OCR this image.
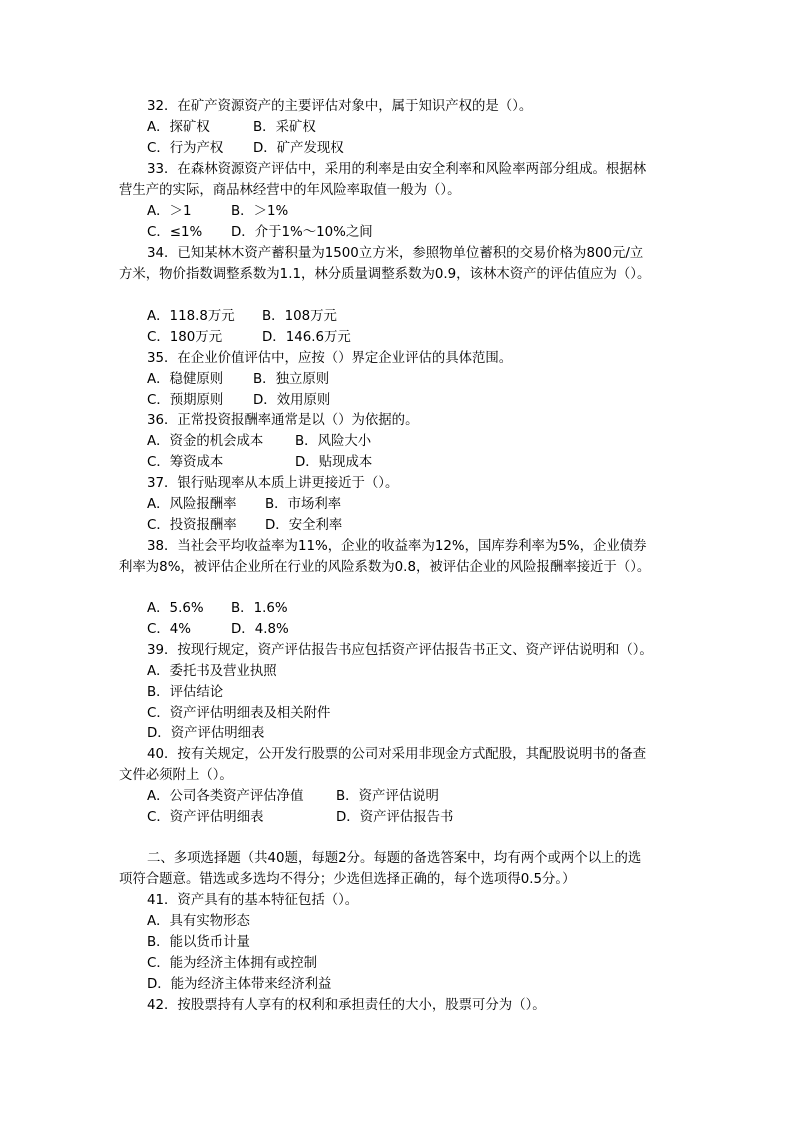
32．在矿产资源资产的主要评估对象中，属于知识产权的是（）。
A．探矿权	B．采矿权
C．行为产权 D．矿产发现权
33．在森林资源资产评估中，采用的利率是由安全利率和风险率两部分组成。根据林
营生产的实际，商品林经营中的年风险率取值一般为（）。
A．＞1	B．＞1%
C．≤1% D．介于1%～10%之间
34．已知某林木资产蓄积量为1500立方米，参照物单位蓄积的交易价格为800元/立
方米，物价指数调整系数为1.1，林分质量调整系数为0.9，该林木资产的评估值应为（）。
A．118.8万元 B．108万元
C．180万元	D．146.6万元
35．在企业价值评估中，应按（）界定企业评估的具体范围。
A．稳健原则 B．独立原则
C．预期原则 D．效用原则
36．正常投资报酬率通常是以（）为依据的。
A．资金的机会成本 B．风险大小
C．筹资成本	D．贴现成本
37．银行贴现率从本质上讲更接近于（）。
A．风险报酬率 B．市场利率
C．投资报酬率 D．安全利率
38．当社会平均收益率为11%，企业的收益率为12%，国库券利率为5%，企业债券
利率为8%，被评估企业所在行业的风险系数为0.8，被评估企业的风险报酬率接近于（）。
A．5.6% B．1.6%
C．4%	D．4.8%
39．按现行规定，资产评估报告书应包括资产评估报告书正文、资产评估说明和（）。
A．委托书及营业执照
B．评估结论
C．资产评估明细表及相关附件
D．资产评估明细表
40．按有关规定，公开发行股票的公司对采用非现金方式配股，其配股说明书的备查
文件必须附上（）。
A．公司各类资产评估净值 B．资产评估说明
C．资产评估明细表	D．资产评估报告书
二、多项选择题（共40题，每题2分。每题的备选答案中，均有两个或两个以上的选
项符合题意。错选或多选均不得分；少选但选择正确的，每个选项得0.5分。）
41．资产具有的基本特征包括（）。
A．具有实物形态
B．能以货币计量
C．能为经济主体拥有或控制
D．能为经济主体带来经济利益
42．按股票持有人享有的权利和承担责任的大小，股票可分为（）。
